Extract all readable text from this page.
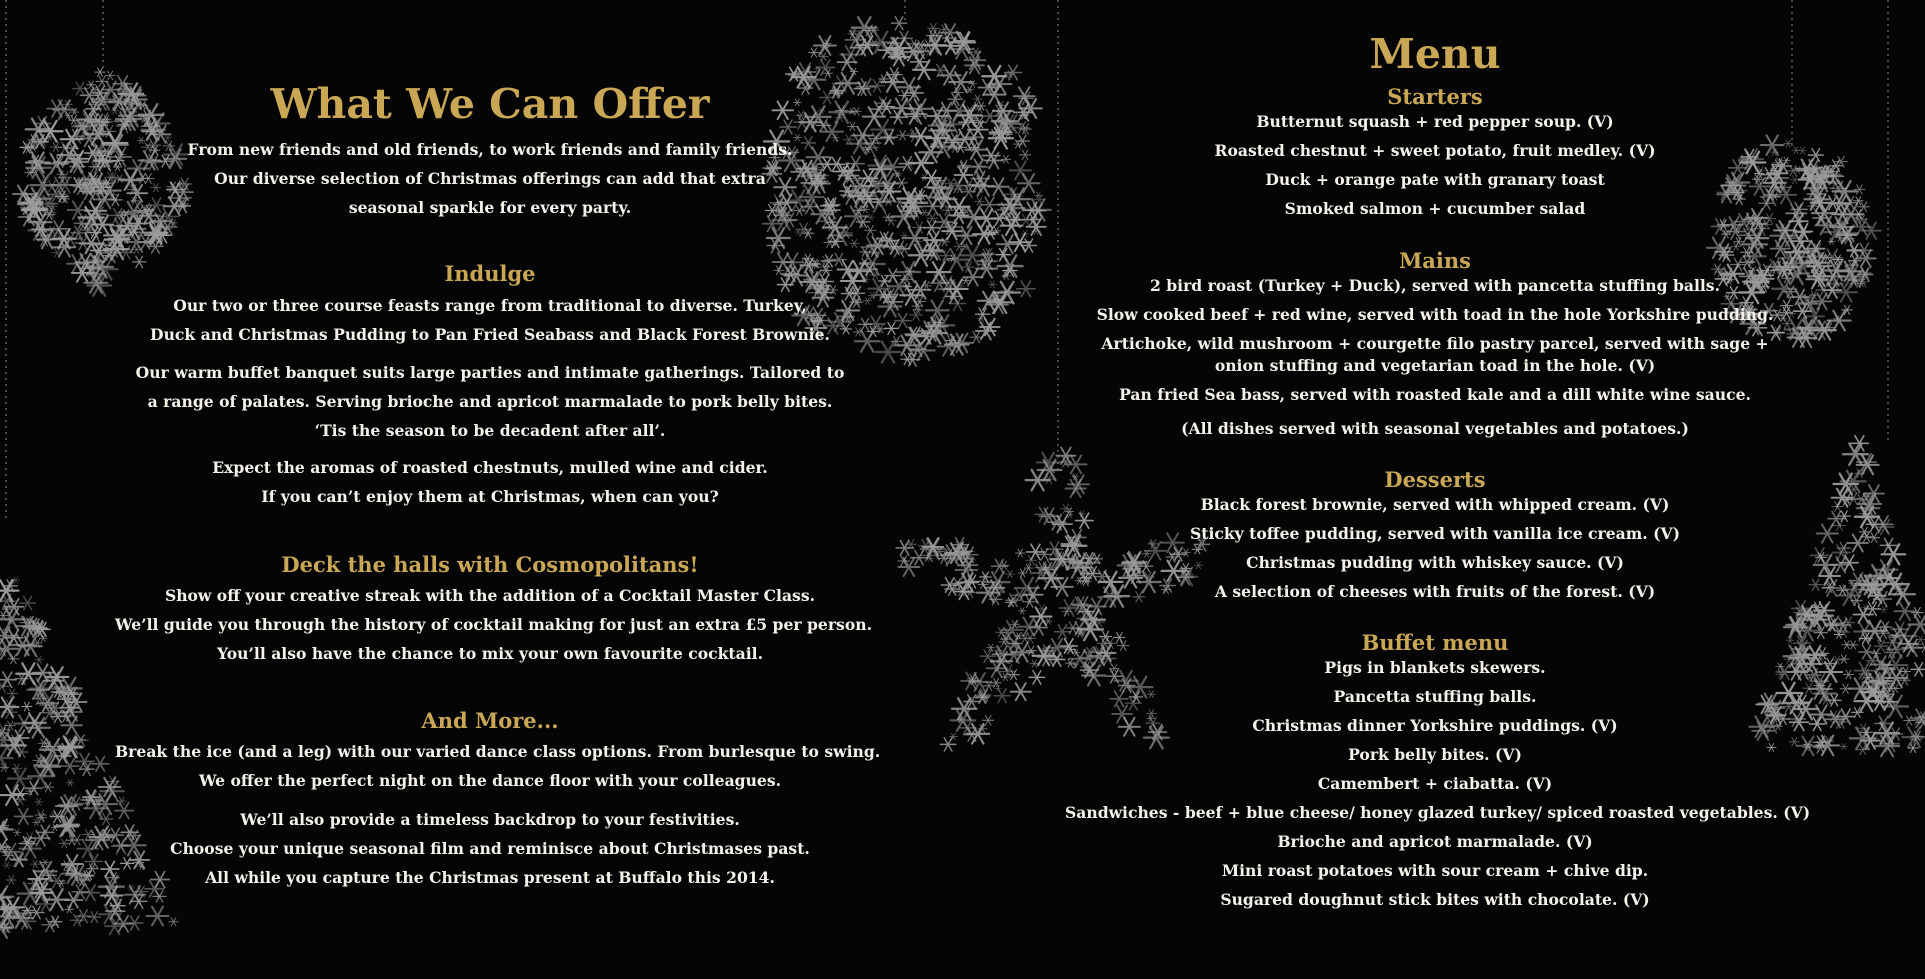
What We Can Offer

From new friends and old friends, to work friends and family friends.

Our diverse selection of Christmas offerings can add that extra

seasonal sparkle for every party.

Indulge

Our two or three course feasts range from traditional to diverse. Turkey,

Duck and Christmas Pudding to Pan Fried Seabass and Black Forest Brownie.

Our warm buffet banquet suits large parties and intimate gatherings. Tailored to

a range of palates. Serving brioche and apricot marmalade to pork belly bites.

‘Tis the season to be decadent after all’.

Expect the aromas of roasted chestnuts, mulled wine and cider.

If you can’t enjoy them at Christmas, when can you?

Deck the halls with Cosmopolitans!

Show off your creative streak with the addition of a Cocktail Master Class.

We’ll guide you through the history of cocktail making for just an extra £5 per person.

You’ll also have the chance to mix your own favourite cocktail.

And More...

Break the ice (and a leg) with our varied dance class options. From burlesque to swing.

We offer the perfect night on the dance floor with your colleagues.

We’ll also provide a timeless backdrop to your festivities.

Choose your unique seasonal film and reminisce about Christmases past.

All while you capture the Christmas present at Buffalo this 2014.

Menu
Starters

Butternut squash + red pepper soup. (V)

Roasted chestnut + sweet potato, fruit medley. (V)

Duck + orange pate with granary toast

Smoked salmon + cucumber salad

Mains

2 bird roast (Turkey + Duck), served with pancetta stuffing balls.

Slow cooked beef + red wine, served with toad in the hole Yorkshire pudding.

Artichoke, wild mushroom + courgette filo pastry parcel, served with sage +

onion stuffing and vegetarian toad in the hole. (V)

Pan fried Sea bass, served with roasted kale and a dill white wine sauce.

(All dishes served with seasonal vegetables and potatoes.)

Desserts

Black forest brownie, served with whipped cream. (V)

Sticky toffee pudding, served with vanilla ice cream. (V)

Christmas pudding with whiskey sauce. (V)

A selection of cheeses with fruits of the forest. (V)

Buffet menu

Pigs in blankets skewers.

Pancetta stuffing balls.

Christmas dinner Yorkshire puddings. (V)

Pork belly bites. (V)

Camembert + ciabatta. (V)

Sandwiches - beef + blue cheese/ honey glazed turkey/ spiced roasted vegetables. (V)

Brioche and apricot marmalade. (V)

Mini roast potatoes with sour cream + chive dip.

Sugared doughnut stick bites with chocolate. (V)
